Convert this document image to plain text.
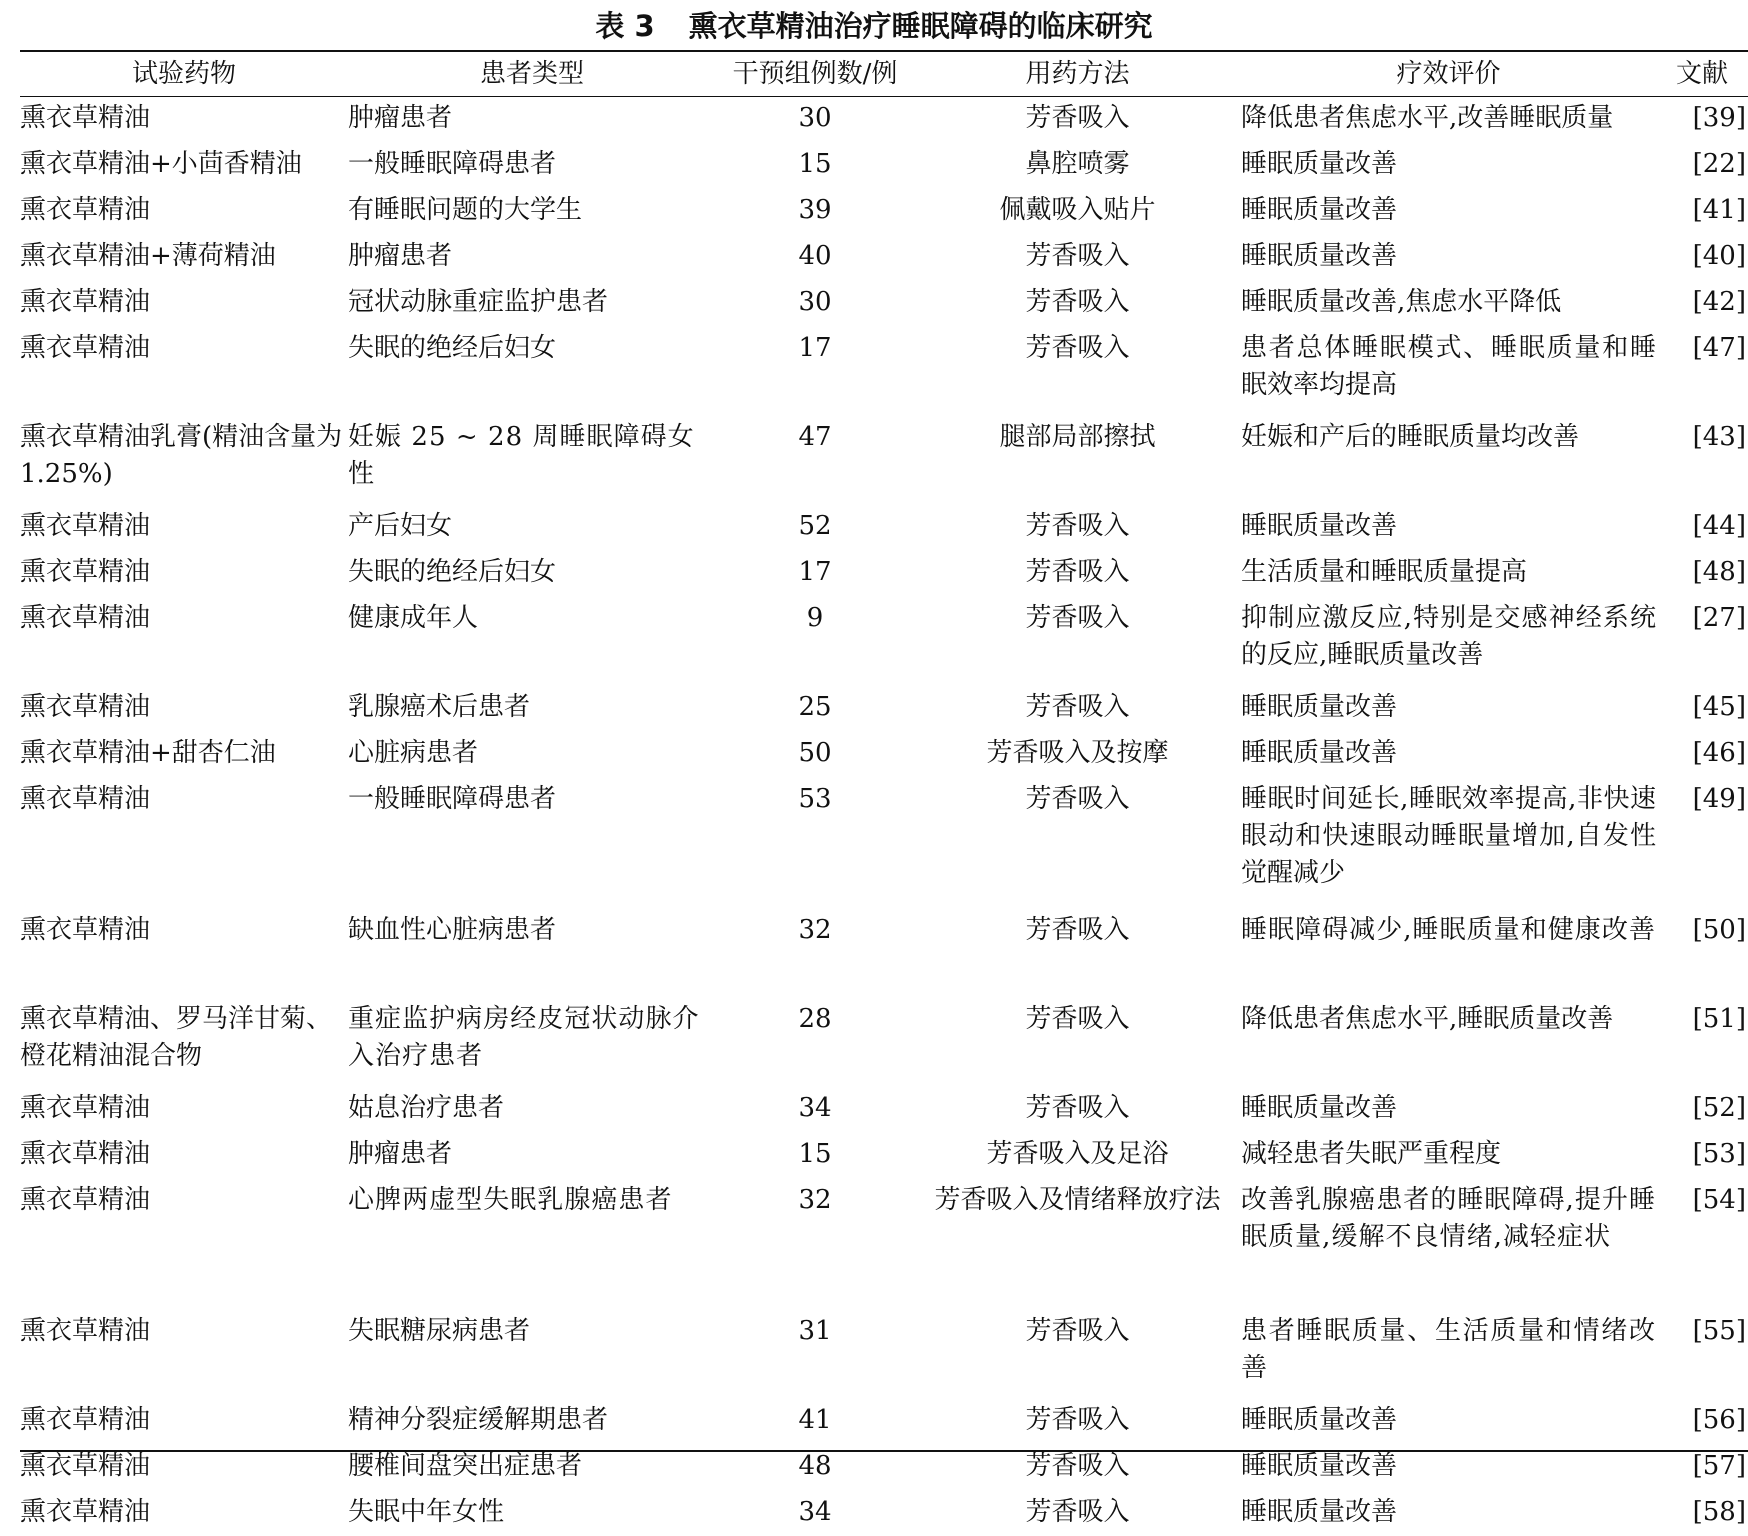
表 3 熏衣草精油治疗睡眠障碍的临床研究
试验药物	患者类型	干预组例数/例	用药方法	疗效评价	文献
熏衣草精油	肿瘤患者	30	芳香吸入	降低患者焦虑水平,改善睡眠质量	[39]
熏衣草精油+小茴香精油	一般睡眠障碍患者	15	鼻腔喷雾	睡眠质量改善	[22]
熏衣草精油	有睡眠问题的大学生	39	佩戴吸入贴片	睡眠质量改善	[41]
熏衣草精油+薄荷精油	肿瘤患者	40	芳香吸入	睡眠质量改善	[40]
熏衣草精油	冠状动脉重症监护患者	30	芳香吸入	睡眠质量改善,焦虑水平降低	[42]
熏衣草精油	失眠的绝经后妇女	17	芳香吸入	患者总体睡眠模式、睡眠质量和睡眠效率均提高	[47]
熏衣草精油乳膏(精油含量为 1.25%)	妊娠 25 ~ 28 周睡眠障碍女性	47	腿部局部擦拭	妊娠和产后的睡眠质量均改善	[43]
熏衣草精油	产后妇女	52	芳香吸入	睡眠质量改善	[44]
熏衣草精油	失眠的绝经后妇女	17	芳香吸入	生活质量和睡眠质量提高	[48]
熏衣草精油	健康成年人	9	芳香吸入	抑制应激反应,特别是交感神经系统的反应,睡眠质量改善	[27]
熏衣草精油	乳腺癌术后患者	25	芳香吸入	睡眠质量改善	[45]
熏衣草精油+甜杏仁油	心脏病患者	50	芳香吸入及按摩	睡眠质量改善	[46]
熏衣草精油	一般睡眠障碍患者	53	芳香吸入	睡眠时间延长,睡眠效率提高,非快速眼动和快速眼动睡眠量增加,自发性觉醒减少	[49]
熏衣草精油	缺血性心脏病患者	32	芳香吸入	睡眠障碍减少,睡眠质量和健康改善	[50]
熏衣草精油、罗马洋甘菊、橙花精油混合物	重症监护病房经皮冠状动脉介入治疗患者	28	芳香吸入	降低患者焦虑水平,睡眠质量改善	[51]
熏衣草精油	姑息治疗患者	34	芳香吸入	睡眠质量改善	[52]
熏衣草精油	肿瘤患者	15	芳香吸入及足浴	减轻患者失眠严重程度	[53]
熏衣草精油	心脾两虚型失眠乳腺癌患者	32	芳香吸入及情绪释放疗法	改善乳腺癌患者的睡眠障碍,提升睡眠质量,缓解不良情绪,减轻症状	[54]
熏衣草精油	失眠糖尿病患者	31	芳香吸入	患者睡眠质量、生活质量和情绪改善	[55]
熏衣草精油	精神分裂症缓解期患者	41	芳香吸入	睡眠质量改善	[56]
熏衣草精油	腰椎间盘突出症患者	48	芳香吸入	睡眠质量改善	[57]
熏衣草精油	失眠中年女性	34	芳香吸入	睡眠质量改善	[58]
